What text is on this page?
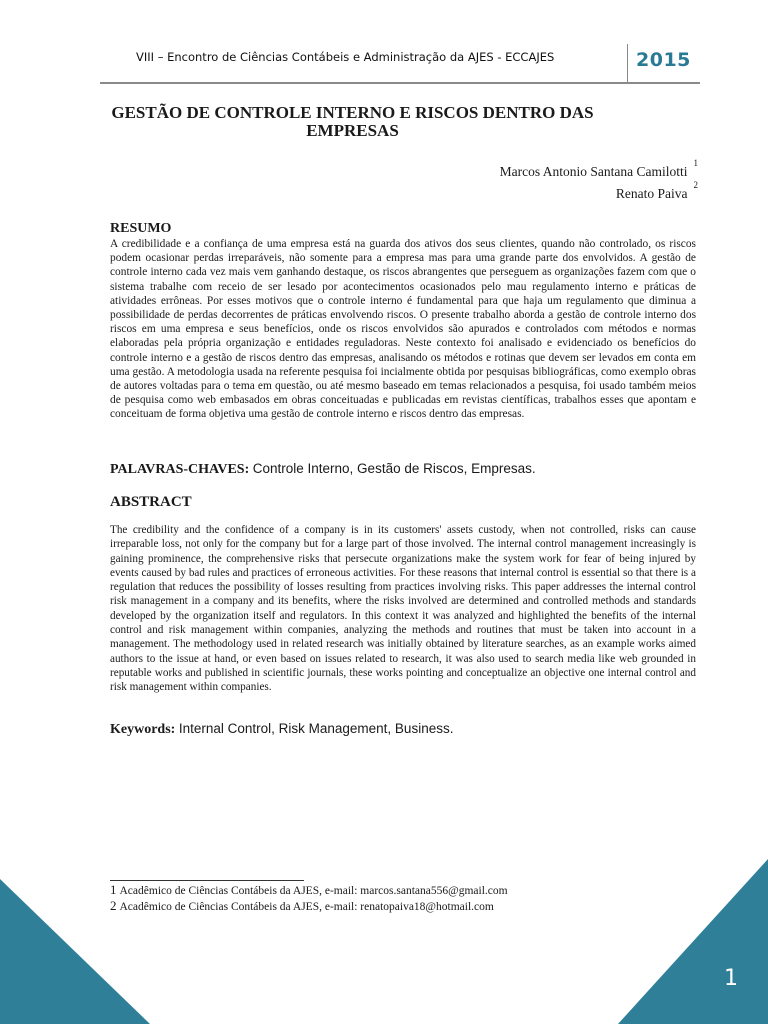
VIII – Encontro de Ciências Contábeis e Administração da AJES - ECCAJES	2015
GESTÃO DE CONTROLE INTERNO E RISCOS DENTRO DAS EMPRESAS
Marcos Antonio Santana Camilotti$^1$
Renato Paiva$^2$
RESUMO
A credibilidade e a confiança de uma empresa está na guarda dos ativos dos seus clientes, quando não controlado, os riscos podem ocasionar perdas irreparáveis, não somente para a empresa mas para uma grande parte dos envolvidos. A gestão de controle interno cada vez mais vem ganhando destaque, os riscos abrangentes que perseguem as organizações fazem com que o sistema trabalhe com receio de ser lesado por acontecimentos ocasionados pelo mau regulamento interno e práticas de atividades errôneas. Por esses motivos que o controle interno é fundamental para que haja um regulamento que diminua a possibilidade de perdas decorrentes de práticas envolvendo riscos. O presente trabalho aborda a gestão de controle interno dos riscos em uma empresa e seus benefícios, onde os riscos envolvidos são apurados e controlados com métodos e normas elaboradas pela própria organização e entidades reguladoras. Neste contexto foi analisado e evidenciado os benefícios do controle interno e a gestão de riscos dentro das empresas, analisando os métodos e rotinas que devem ser levados em conta em uma gestão. A metodologia usada na referente pesquisa foi incialmente obtida por pesquisas bibliográficas, como exemplo obras de autores voltadas para o tema em questão, ou até mesmo baseado em temas relacionados a pesquisa, foi usado também meios de pesquisa como web embasados em obras conceituadas e publicadas em revistas científicas, trabalhos esses que apontam e conceituam de forma objetiva uma gestão de controle interno e riscos dentro das empresas.
PALAVRAS-CHAVES: Controle Interno, Gestão de Riscos, Empresas.
ABSTRACT
The credibility and the confidence of a company is in its customers' assets custody, when not controlled, risks can cause irreparable loss, not only for the company but for a large part of those involved. The internal control management increasingly is gaining prominence, the comprehensive risks that persecute organizations make the system work for fear of being injured by events caused by bad rules and practices of erroneous activities. For these reasons that internal control is essential so that there is a regulation that reduces the possibility of losses resulting from practices involving risks. This paper addresses the internal control risk management in a company and its benefits, where the risks involved are determined and controlled methods and standards developed by the organization itself and regulators. In this context it was analyzed and highlighted the benefits of the internal control and risk management within companies, analyzing the methods and routines that must be taken into account in a management. The methodology used in related research was initially obtained by literature searches, as an example works aimed authors to the issue at hand, or even based on issues related to research, it was also used to search media like web grounded in reputable works and published in scientific journals, these works pointing and conceptualize an objective one internal control and risk management within companies.
Keywords: Internal Control, Risk Management, Business.
1 Acadêmico de Ciências Contábeis da AJES, e-mail: marcos.santana556@gmail.com
2 Acadêmico de Ciências Contábeis da AJES, e-mail: renatopaiva18@hotmail.com
1
